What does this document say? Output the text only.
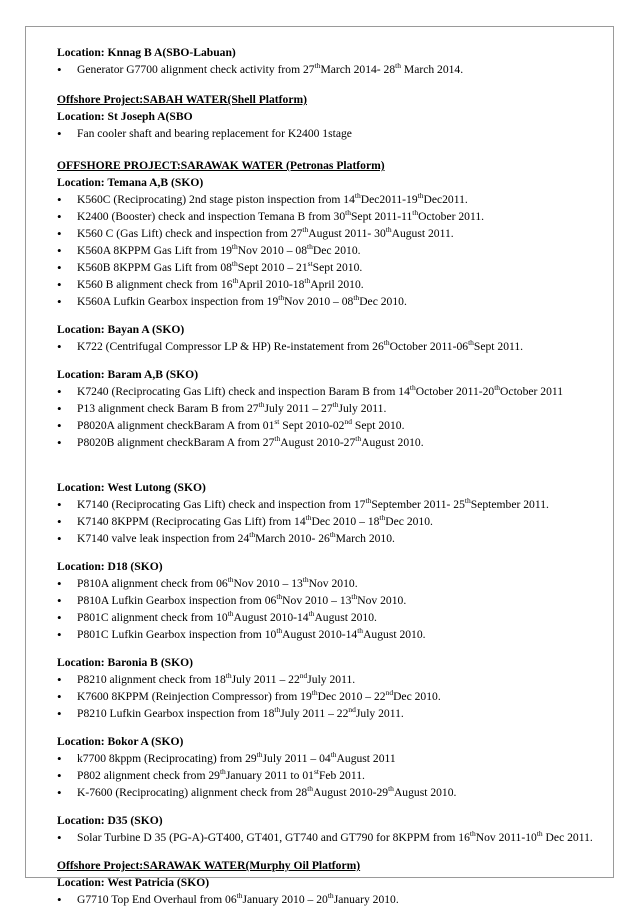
Location: Knnag B A(SBO-Labuan)
• Generator G7700 alignment check activity from 27thMarch 2014- 28th March 2014.
Offshore Project:SABAH WATER(Shell Platform)
Location: St Joseph A(SBO
• Fan cooler shaft and bearing replacement for K2400 1stage
OFFSHORE PROJECT:SARAWAK WATER (Petronas Platform)
Location: Temana A,B (SKO)
• K560C (Reciprocating) 2nd stage piston inspection from 14thDec2011-19thDec2011.
• K2400 (Booster) check and inspection Temana B from 30thSept 2011-11thOctober 2011.
• K560 C (Gas Lift) check and inspection from 27thAugust 2011- 30thAugust 2011.
• K560A 8KPPM Gas Lift from 19thNov 2010 – 08thDec 2010.
• K560B 8KPPM Gas Lift from 08thSept 2010 – 21stSept 2010.
• K560 B alignment check from 16thApril 2010-18thApril 2010.
• K560A Lufkin Gearbox inspection from 19thNov 2010 – 08thDec 2010.
Location: Bayan A (SKO)
• K722 (Centrifugal Compressor LP & HP) Re-instatement from 26thOctober 2011-06thSept 2011.
Location: Baram A,B (SKO)
• K7240 (Reciprocating Gas Lift) check and inspection Baram B from 14thOctober 2011-20thOctober 2011
• P13 alignment check Baram B from 27thJuly 2011 – 27thJuly 2011.
• P8020A alignment checkBaram A from 01st Sept 2010-02nd Sept 2010.
• P8020B alignment checkBaram A from 27thAugust 2010-27thAugust 2010.
Location: West Lutong (SKO)
• K7140 (Reciprocating Gas Lift) check and inspection from 17thSeptember 2011- 25thSeptember 2011.
• K7140 8KPPM (Reciprocating Gas Lift) from 14thDec 2010 – 18thDec 2010.
• K7140 valve leak inspection from 24thMarch 2010- 26thMarch 2010.
Location: D18 (SKO)
• P810A alignment check from 06thNov 2010 – 13thNov 2010.
• P810A Lufkin Gearbox inspection from 06thNov 2010 – 13thNov 2010.
• P801C alignment check from 10thAugust 2010-14thAugust 2010.
• P801C Lufkin Gearbox inspection from 10thAugust 2010-14thAugust 2010.
Location: Baronia B (SKO)
• P8210 alignment check from 18thJuly 2011 – 22ndJuly 2011.
• K7600 8KPPM (Reinjection Compressor) from 19thDec 2010 – 22ndDec 2010.
• P8210 Lufkin Gearbox inspection from 18thJuly 2011 – 22ndJuly 2011.
Location: Bokor A (SKO)
• k7700 8kppm (Reciprocating) from 29thJuly 2011 – 04thAugust 2011
• P802 alignment check from 29thJanuary 2011 to 01stFeb 2011.
• K-7600 (Reciprocating) alignment check from 28thAugust 2010-29thAugust 2010.
Location: D35 (SKO)
• Solar Turbine D 35 (PG-A)-GT400, GT401, GT740 and GT790 for 8KPPM from 16thNov 2011-10th Dec 2011.
Offshore Project:SARAWAK WATER(Murphy Oil Platform)
Location: West Patricia (SKO)
• G7710 Top End Overhaul from 06thJanuary 2010 – 20thJanuary 2010.
